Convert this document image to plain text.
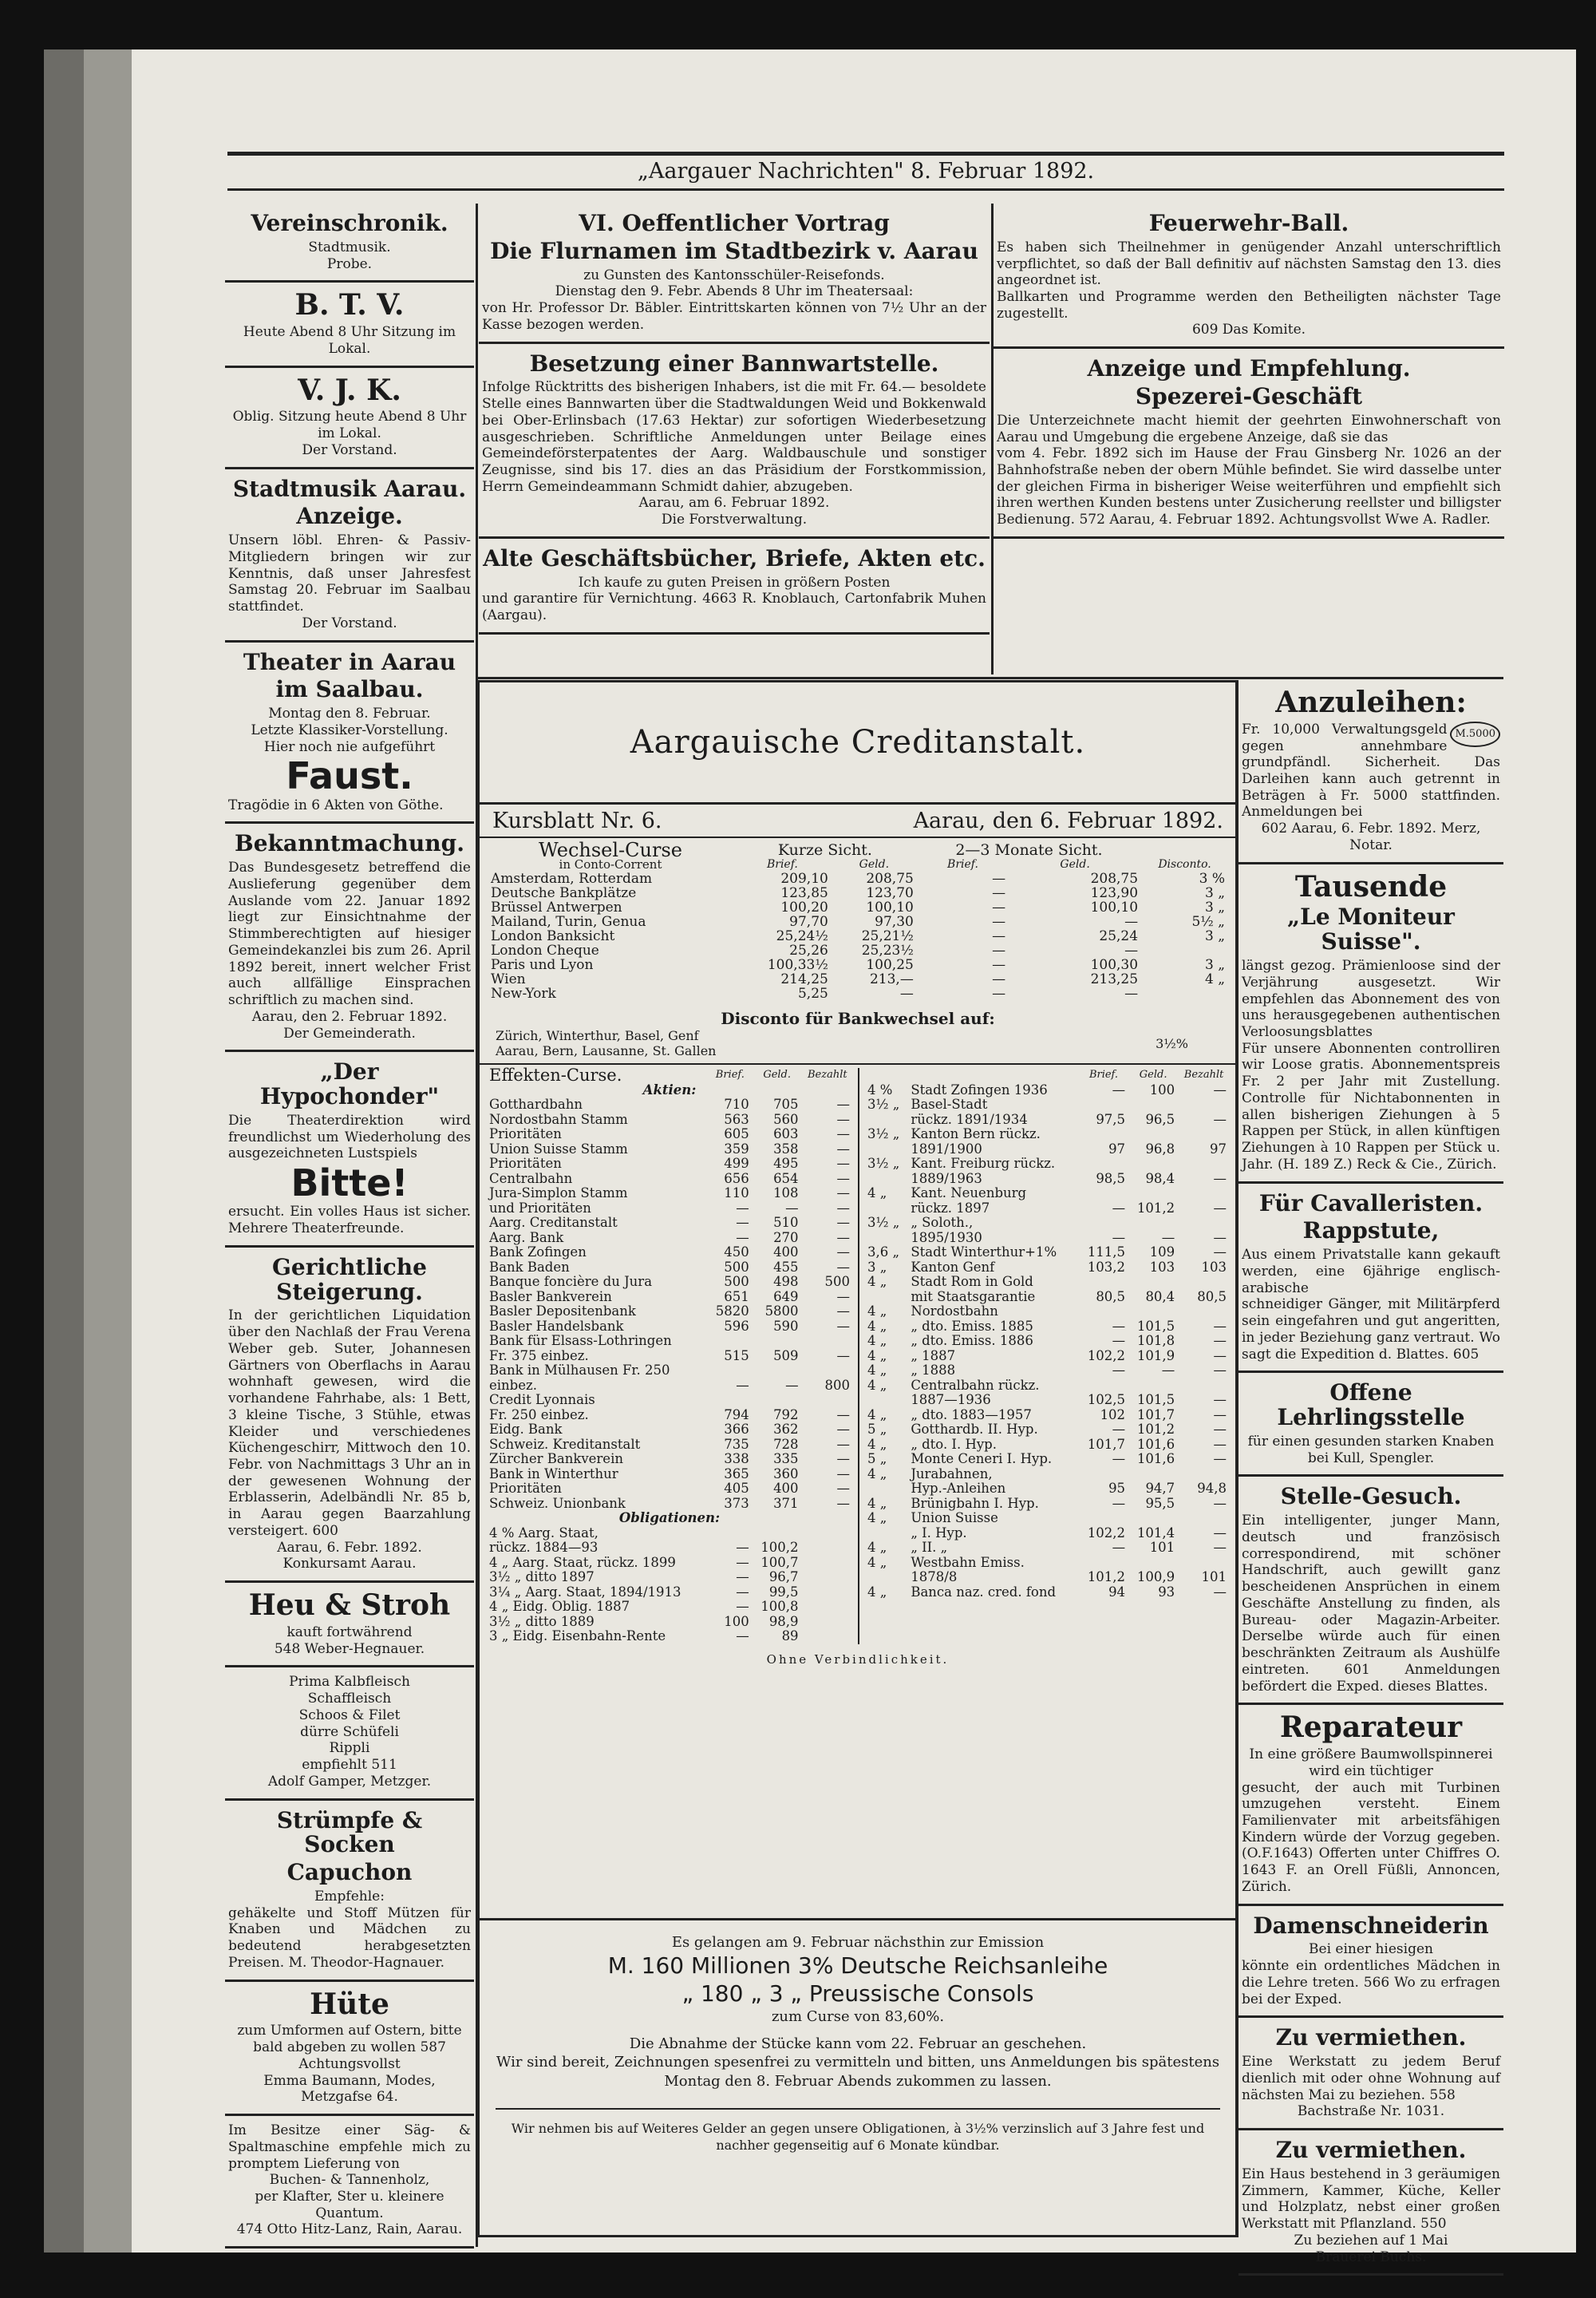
„Aargauer Nachrichten" 8. Februar 1892.
Vereinschronik.
Stadtmusik.
Probe.
B. T. V.
Heute Abend 8 Uhr Sitzung im Lokal.
V. J. K.
Oblig. Sitzung heute Abend 8 Uhr im Lokal.
Der Vorstand.
Stadtmusik Aarau.
Anzeige.
Unsern löbl. Ehren- & Passiv-Mitgliedern bringen wir zur Kenntnis, daß unser Jahresfest Samstag 20. Februar im Saalbau stattfindet.
Der Vorstand.
Theater in Aarau
im Saalbau.
Montag den 8. Februar.
Letzte Klassiker-Vorstellung.
Hier noch nie aufgeführt
Faust.
Tragödie in 6 Akten von Göthe.
Bekanntmachung.
Das Bundesgesetz betreffend die Auslieferung gegenüber dem Auslande vom 22. Januar 1892 liegt zur Einsichtnahme der Stimmberechtigten auf hiesiger Gemeindekanzlei bis zum 26. April 1892 bereit, innert welcher Frist auch allfällige Einsprachen schriftlich zu machen sind.
Aarau, den 2. Februar 1892.
Der Gemeinderath.
„Der Hypochonder"
Die Theaterdirektion wird freundlichst um Wiederholung des ausgezeichneten Lustspiels
Bitte!
ersucht. Ein volles Haus ist sicher. Mehrere Theaterfreunde.
Gerichtliche Steigerung.
In der gerichtlichen Liquidation über den Nachlaß der Frau Verena Weber geb. Suter, Johannesen Gärtners von Oberflachs in Aarau wohnhaft gewesen, wird die vorhandene Fahrhabe, als: 1 Bett, 3 kleine Tische, 3 Stühle, etwas Kleider und verschiedenes Küchengeschirr, Mittwoch den 10. Febr. von Nachmittags 3 Uhr an in der gewesenen Wohnung der Erblasserin, Adelbändli Nr. 85 b, in Aarau gegen Baarzahlung versteigert. 600
Aarau, 6. Febr. 1892.
Konkursamt Aarau.
Heu & Stroh
kauft fortwährend
548 Weber-Hegnauer.
Prima Kalbfleisch
Schaffleisch
Schoos & Filet
dürre Schüfeli
Rippli
empfiehlt 511
Adolf Gamper, Metzger.
Strümpfe & Socken
Capuchon
Empfehle:
gehäkelte und Stoff Mützen für Knaben und Mädchen zu bedeutend herabgesetzten Preisen. M. Theodor-Hagnauer.
Hüte
zum Umformen auf Ostern, bitte bald abgeben zu wollen 587
Achtungsvollst
Emma Baumann, Modes, Metzgafse 64.
Im Besitze einer Säg- & Spaltmaschine empfehle mich zu promptem Lieferung von
Buchen- & Tannenholz,
per Klafter, Ster u. kleinere Quantum.
474 Otto Hitz-Lanz, Rain, Aarau.
VI. Oeffentlicher Vortrag
Die Flurnamen im Stadtbezirk v. Aarau
zu Gunsten des Kantonsschüler-Reisefonds.
Dienstag den 9. Febr. Abends 8 Uhr im Theatersaal:
von Hr. Professor Dr. Bäbler. Eintrittskarten können von 7½ Uhr an der Kasse bezogen werden.
Besetzung einer Bannwartstelle.
Infolge Rücktritts des bisherigen Inhabers, ist die mit Fr. 64.— besoldete Stelle eines Bannwarten über die Stadtwaldungen Weid und Bokkenwald bei Ober-Erlinsbach (17.63 Hektar) zur sofortigen Wiederbesetzung ausgeschrieben. Schriftliche Anmeldungen unter Beilage eines Gemeindeförsterpatentes der Aarg. Waldbauschule und sonstiger Zeugnisse, sind bis 17. dies an das Präsidium der Forstkommission, Herrn Gemeindeammann Schmidt dahier, abzugeben.
Aarau, am 6. Februar 1892.
Die Forstverwaltung.
Alte Geschäftsbücher, Briefe, Akten etc.
Ich kaufe zu guten Preisen in größern Posten
und garantire für Vernichtung. 4663 R. Knoblauch, Cartonfabrik Muhen (Aargau).
Feuerwehr-Ball.
Es haben sich Theilnehmer in genügender Anzahl unterschriftlich verpflichtet, so daß der Ball definitiv auf nächsten Samstag den 13. dies angeordnet ist.
Ballkarten und Programme werden den Betheiligten nächster Tage zugestellt.
609 Das Komite.
Anzeige und Empfehlung.
Spezerei-Geschäft
Die Unterzeichnete macht hiemit der geehrten Einwohnerschaft von Aarau und Umgebung die ergebene Anzeige, daß sie das
vom 4. Febr. 1892 sich im Hause der Frau Ginsberg Nr. 1026 an der Bahnhofstraße neben der obern Mühle befindet. Sie wird dasselbe unter der gleichen Firma in bisheriger Weise weiterführen und empfiehlt sich ihren werthen Kunden bestens unter Zusicherung reellster und billigster Bedienung. 572 Aarau, 4. Februar 1892. Achtungsvollst Wwe A. Radler.
Anzuleihen:
M.5000
Fr. 10,000 Verwaltungsgeld gegen annehmbare grundpfändl. Sicherheit. Das Darleihen kann auch getrennt in Beträgen à Fr. 5000 stattfinden. Anmeldungen bei
602 Aarau, 6. Febr. 1892. Merz, Notar.
Tausende
„Le Moniteur Suisse".
längst gezog. Prämienloose sind der Verjährung ausgesetzt. Wir empfehlen das Abonnement des von uns herausgegebenen authentischen Verloosungsblattes
Für unsere Abonnenten controlliren wir Loose gratis. Abonnementspreis Fr. 2 per Jahr mit Zustellung. Controlle für Nichtabonnenten in allen bisherigen Ziehungen à 5 Rappen per Stück, in allen künftigen Ziehungen à 10 Rappen per Stück u. Jahr. (H. 189 Z.) Reck & Cie., Zürich.
Für Cavalleristen.
Rappstute,
Aus einem Privatstalle kann gekauft werden, eine 6jährige englisch-arabische
schneidiger Gänger, mit Militärpferd sein eingefahren und gut angeritten, in jeder Beziehung ganz vertraut. Wo sagt die Expedition d. Blattes. 605
Offene Lehrlingsstelle
für einen gesunden starken Knaben bei Kull, Spengler.
Stelle-Gesuch.
Ein intelligenter, junger Mann, deutsch und französisch correspondirend, mit schöner Handschrift, auch gewillt ganz bescheidenen Ansprüchen in einem Geschäfte Anstellung zu finden, als Bureau- oder Magazin-Arbeiter. Derselbe würde auch für einen beschränkten Zeitraum als Aushülfe eintreten. 601 Anmeldungen befördert die Exped. dieses Blattes.
Reparateur
In eine größere Baumwollspinnerei wird ein tüchtiger
gesucht, der auch mit Turbinen umzugehen versteht. Einem Familienvater mit arbeitsfähigen Kindern würde der Vorzug gegeben. (O.F.1643) Offerten unter Chiffres O. 1643 F. an Orell Füßli, Annoncen, Zürich.
Damenschneiderin
Bei einer hiesigen
könnte ein ordentliches Mädchen in die Lehre treten. 566 Wo zu erfragen bei der Exped.
Zu vermiethen.
Eine Werkstatt zu jedem Beruf dienlich mit oder ohne Wohnung auf nächsten Mai zu beziehen. 558
Bachstraße Nr. 1031.
Zu vermiethen.
Ein Haus bestehend in 3 geräumigen Zimmern, Kammer, Küche, Keller und Holzplatz, nebst einer großen Werkstatt mit Pflanzland. 550
Zu beziehen auf 1 Mai
Brauerei Buchs.
Aargauische Creditanstalt.
Kursblatt Nr. 6.	Aarau, den 6. Februar 1892.
Wechsel-Curse	Kurze Sicht.		2—3 Monate Sicht.		
in Conto-Corrent	Brief.	Geld.	Brief.	Geld.	Disconto.
Amsterdam, Rotterdam	209,10	208,75	—	208,75	3 %
Deutsche Bankplätze	123,85	123,70	—	123,90	3 „
Brüssel Antwerpen	100,20	100,10	—	100,10	3 „
Mailand, Turin, Genua	97,70	97,30	—	—	5½ „
London Banksicht	25,24½	25,21½	—	25,24	3 „
London Cheque	25,26	25,23½	—	—	
Paris und Lyon	100,33½	100,25	—	100,30	3 „
Wien	214,25	213,—	—	213,25	4 „
New-York	5,25	—	—	—	
Disconto für Bankwechsel auf:
Zürich, Winterthur, Basel, Genf
Aarau, Bern, Lausanne, St. Gallen	3½%
Effekten-Curse.	Brief.	Geld.	Bezahlt
Aktien:			
Gotthardbahn	710	705	—
Nordostbahn Stamm	563	560	—
Prioritäten	605	603	—
Union Suisse Stamm	359	358	—
Prioritäten	499	495	—
Centralbahn	656	654	—
Jura-Simplon Stamm	110	108	—
und Prioritäten	—	—	—

Aarg. Creditanstalt	—	510	—
Aarg. Bank	—	270	—
Bank Zofingen	450	400	—
Bank Baden	500	455	—
Banque foncière du Jura	500	498	500
Basler Bankverein	651	649	—
Basler Depositenbank	5820	5800	—
Basler Handelsbank	596	590	—
Bank für Elsass-Lothringen			
Fr. 375 einbez.	515	509	—
Bank in Mülhausen Fr. 250			
einbez.	—	—	800
Credit Lyonnais			
Fr. 250 einbez.	794	792	—
Eidg. Bank	366	362	—
Schweiz. Kreditanstalt	735	728	—
Zürcher Bankverein	338	335	—
Bank in Winterthur	365	360	—
Prioritäten	405	400	—
Schweiz. Unionbank	373	371	—
Obligationen:			
4 % Aarg. Staat,			
rückz. 1884—93	—	100,2	
4 „ Aarg. Staat, rückz. 1899	—	100,7	
3½ „ ditto 1897	—	96,7	
3¼ „ Aarg. Staat, 1894/1913	—	99,5	
4 „ Eidg. Oblig. 1887	—	100,8	
3½ „ ditto 1889	100	98,9	
3 „ Eidg. Eisenbahn-Rente	—	89	
		Brief.	Geld.	Bezahlt
4 %	Stadt Zofingen 1936	—	100	—
3½ „	Basel-Stadt			
	rückz. 1891/1934	97,5	96,5	—
3½ „	Kanton Bern rückz.			
	1891/1900	97	96,8	97
3½ „	Kant. Freiburg rückz.			
	1889/1963	98,5	98,4	—
4 „	Kant. Neuenburg			
	rückz. 1897	—	101,2	—
3½ „	„ Soloth.,			
	1895/1930	—	—	—
3,6 „	Stadt Winterthur+1%	111,5	109	—
3 „	Kanton Genf	103,2	103	103
4 „	Stadt Rom in Gold			
	mit Staatsgarantie	80,5	80,4	80,5
4 „	Nordostbahn			
4 „	„ dto. Emiss. 1885	—	101,5	—
4 „	„ dto. Emiss. 1886	—	101,8	—
4 „	„ 1887	102,2	101,9	—
4 „	„ 1888	—	—	—
4 „	Centralbahn rückz.			
	1887—1936	102,5	101,5	—
4 „	„ dto. 1883—1957	102	101,7	—
5 „	Gotthardb. II. Hyp.	—	101,2	—

4 „	„ dto. I. Hyp.	101,7	101,6	—
5 „	Monte Ceneri I. Hyp.	—	101,6	—
4 „	Jurabahnen,			
	Hyp.-Anleihen	95	94,7	94,8
4 „	Brünigbahn I. Hyp.	—	95,5	—
4 „	Union Suisse			
	„ I. Hyp.	102,2	101,4	—
4 „	„ II. „	—	101	—
4 „	Westbahn Emiss.			
	1878/8	101,2	100,9	101
4 „	Banca naz. cred. fond	94	93	—
Ohne Verbindlichkeit.
Es gelangen am 9. Februar nächsthin zur Emission
M. 160 Millionen 3% Deutsche Reichsanleihe
„ 180 „ 3 „ Preussische Consols
zum Curse von 83,60%.
Die Abnahme der Stücke kann vom 22. Februar an geschehen.
Wir sind bereit, Zeichnungen spesenfrei zu vermitteln und bitten, uns Anmeldungen bis spätestens Montag den 8. Februar Abends zukommen zu lassen.
Wir nehmen bis auf Weiteres Gelder an gegen unsere Obligationen, à 3½% verzinslich auf 3 Jahre fest und nachher gegenseitig auf 6 Monate kündbar.
